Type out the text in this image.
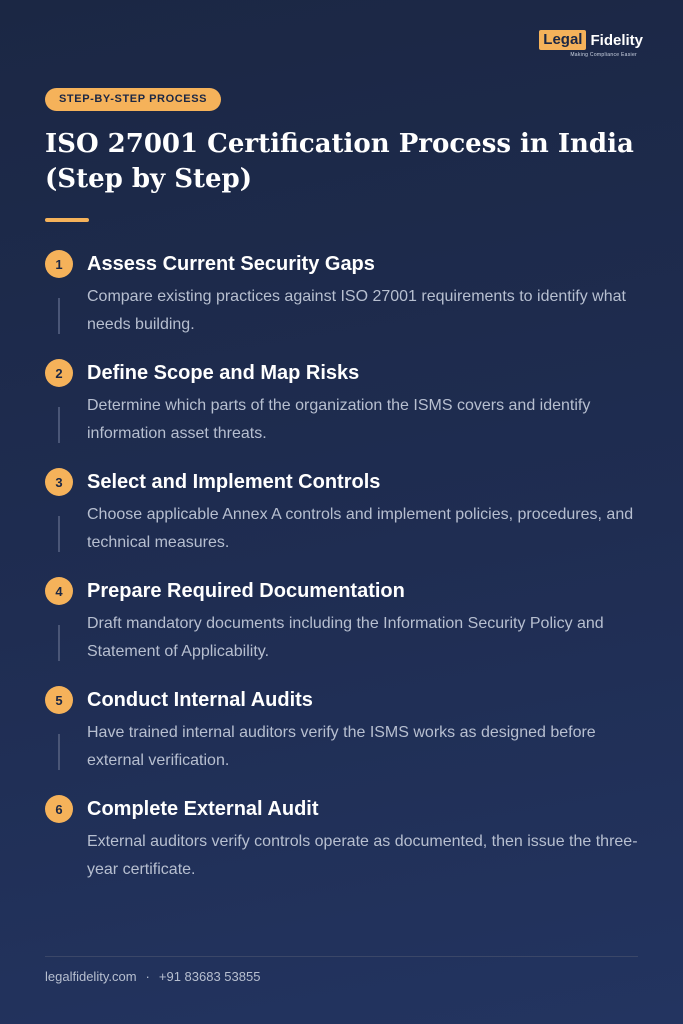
Legal Fidelity
Making Compliance Easier
STEP-BY-STEP PROCESS
ISO 27001 Certification Process in India (Step by Step)
1	Assess Current Security Gaps
Compare existing practices against ISO 27001 requirements to identify what needs building.
2	Define Scope and Map Risks
Determine which parts of the organization the ISMS covers and identify information asset threats.
3	Select and Implement Controls
Choose applicable Annex A controls and implement policies, procedures, and technical measures.
4	Prepare Required Documentation
Draft mandatory documents including the Information Security Policy and Statement of Applicability.
5	Conduct Internal Audits
Have trained internal auditors verify the ISMS works as designed before external verification.
6	Complete External Audit
External auditors verify controls operate as documented, then issue the three-year certificate.
legalfidelity.com · +91 83683 53855
